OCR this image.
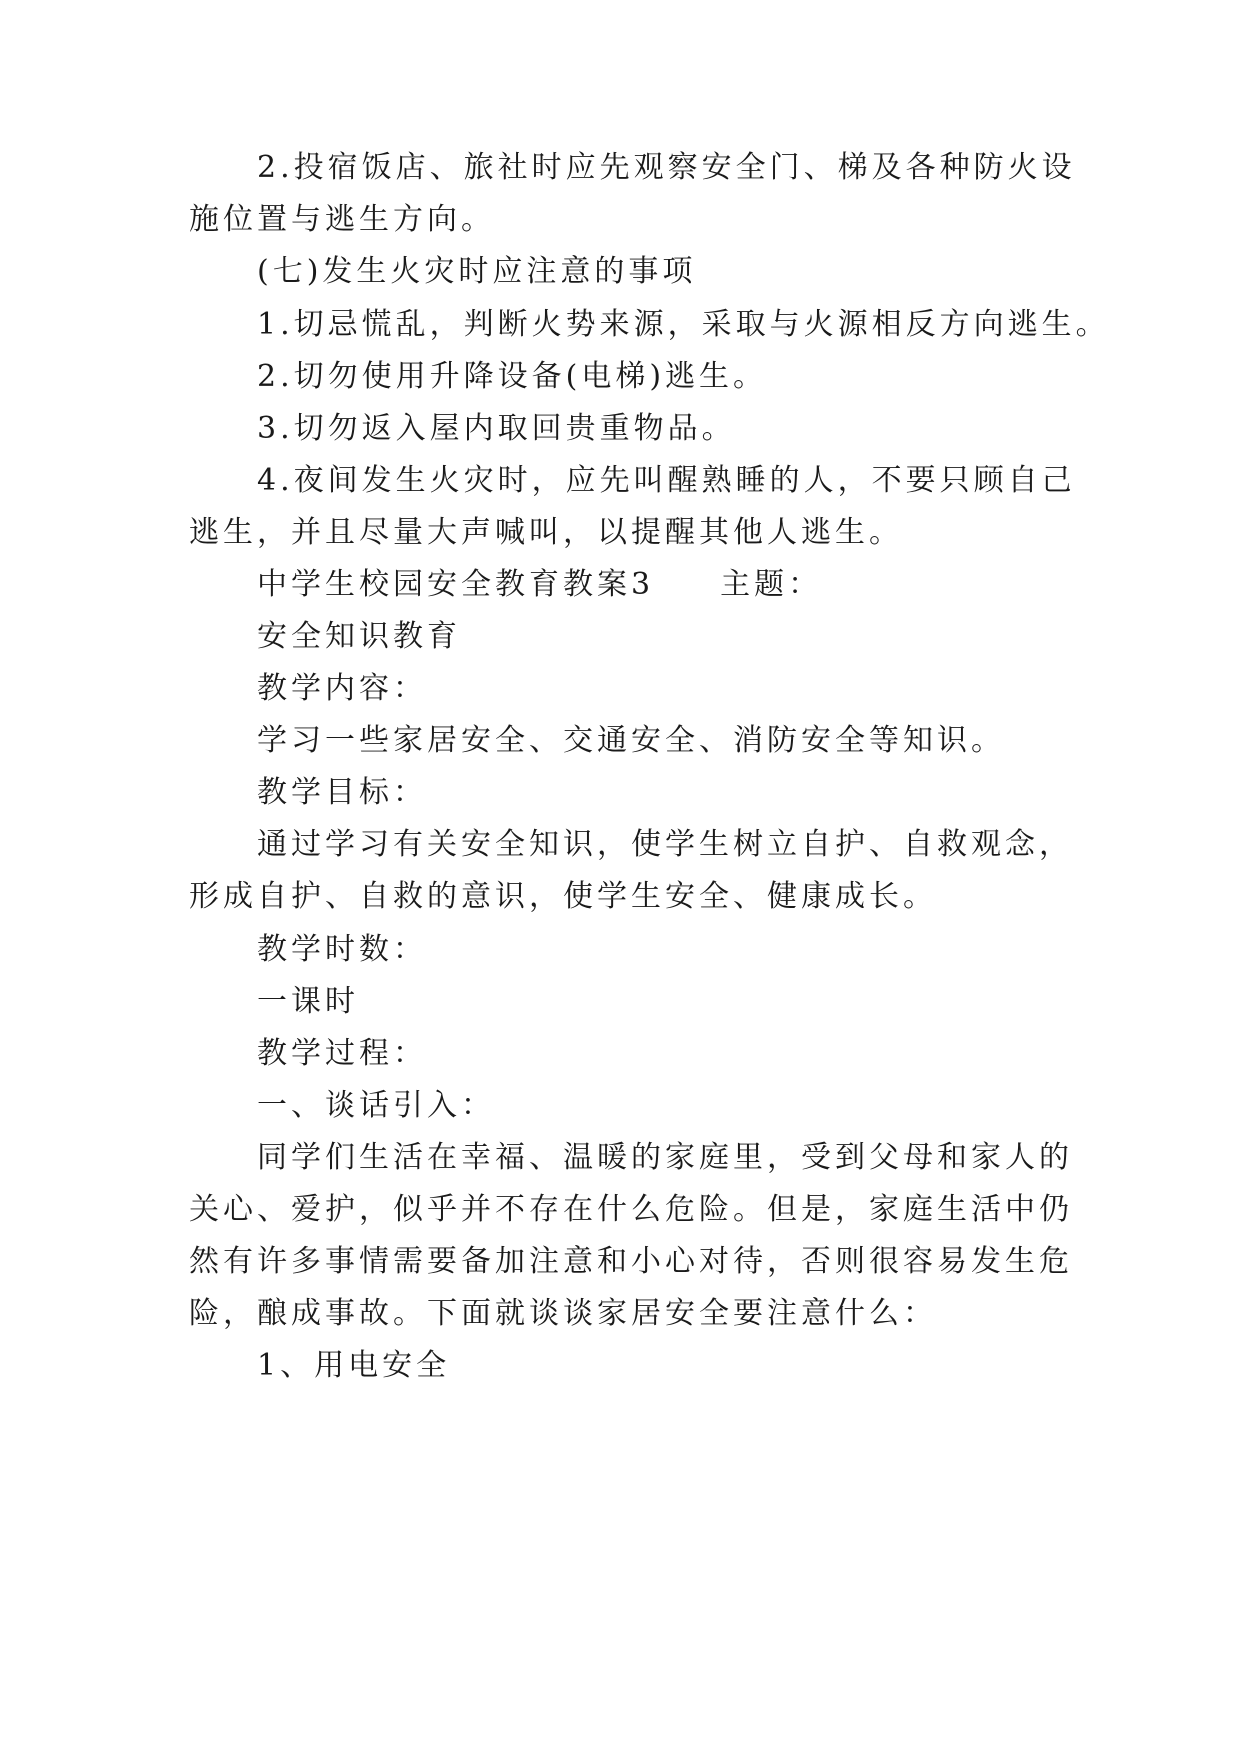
2.投宿饭店、旅社时应先观察安全门、梯及各种防火设
施位置与逃生方向。
(七)发生火灾时应注意的事项
1.切忌慌乱，判断火势来源，采取与火源相反方向逃生。
2.切勿使用升降设备(电梯)逃生。
3.切勿返入屋内取回贵重物品。
4.夜间发生火灾时，应先叫醒熟睡的人，不要只顾自己
逃生，并且尽量大声喊叫，以提醒其他人逃生。
中学生校园安全教育教案3 主题：
安全知识教育
教学内容：
学习一些家居安全、交通安全、消防安全等知识。
教学目标：
通过学习有关安全知识，使学生树立自护、自救观念，
形成自护、自救的意识，使学生安全、健康成长。
教学时数：
一课时
教学过程：
一、谈话引入：
同学们生活在幸福、温暖的家庭里，受到父母和家人的
关心、爱护，似乎并不存在什么危险。但是，家庭生活中仍
然有许多事情需要备加注意和小心对待，否则很容易发生危
险，酿成事故。下面就谈谈家居安全要注意什么：
1、用电安全
